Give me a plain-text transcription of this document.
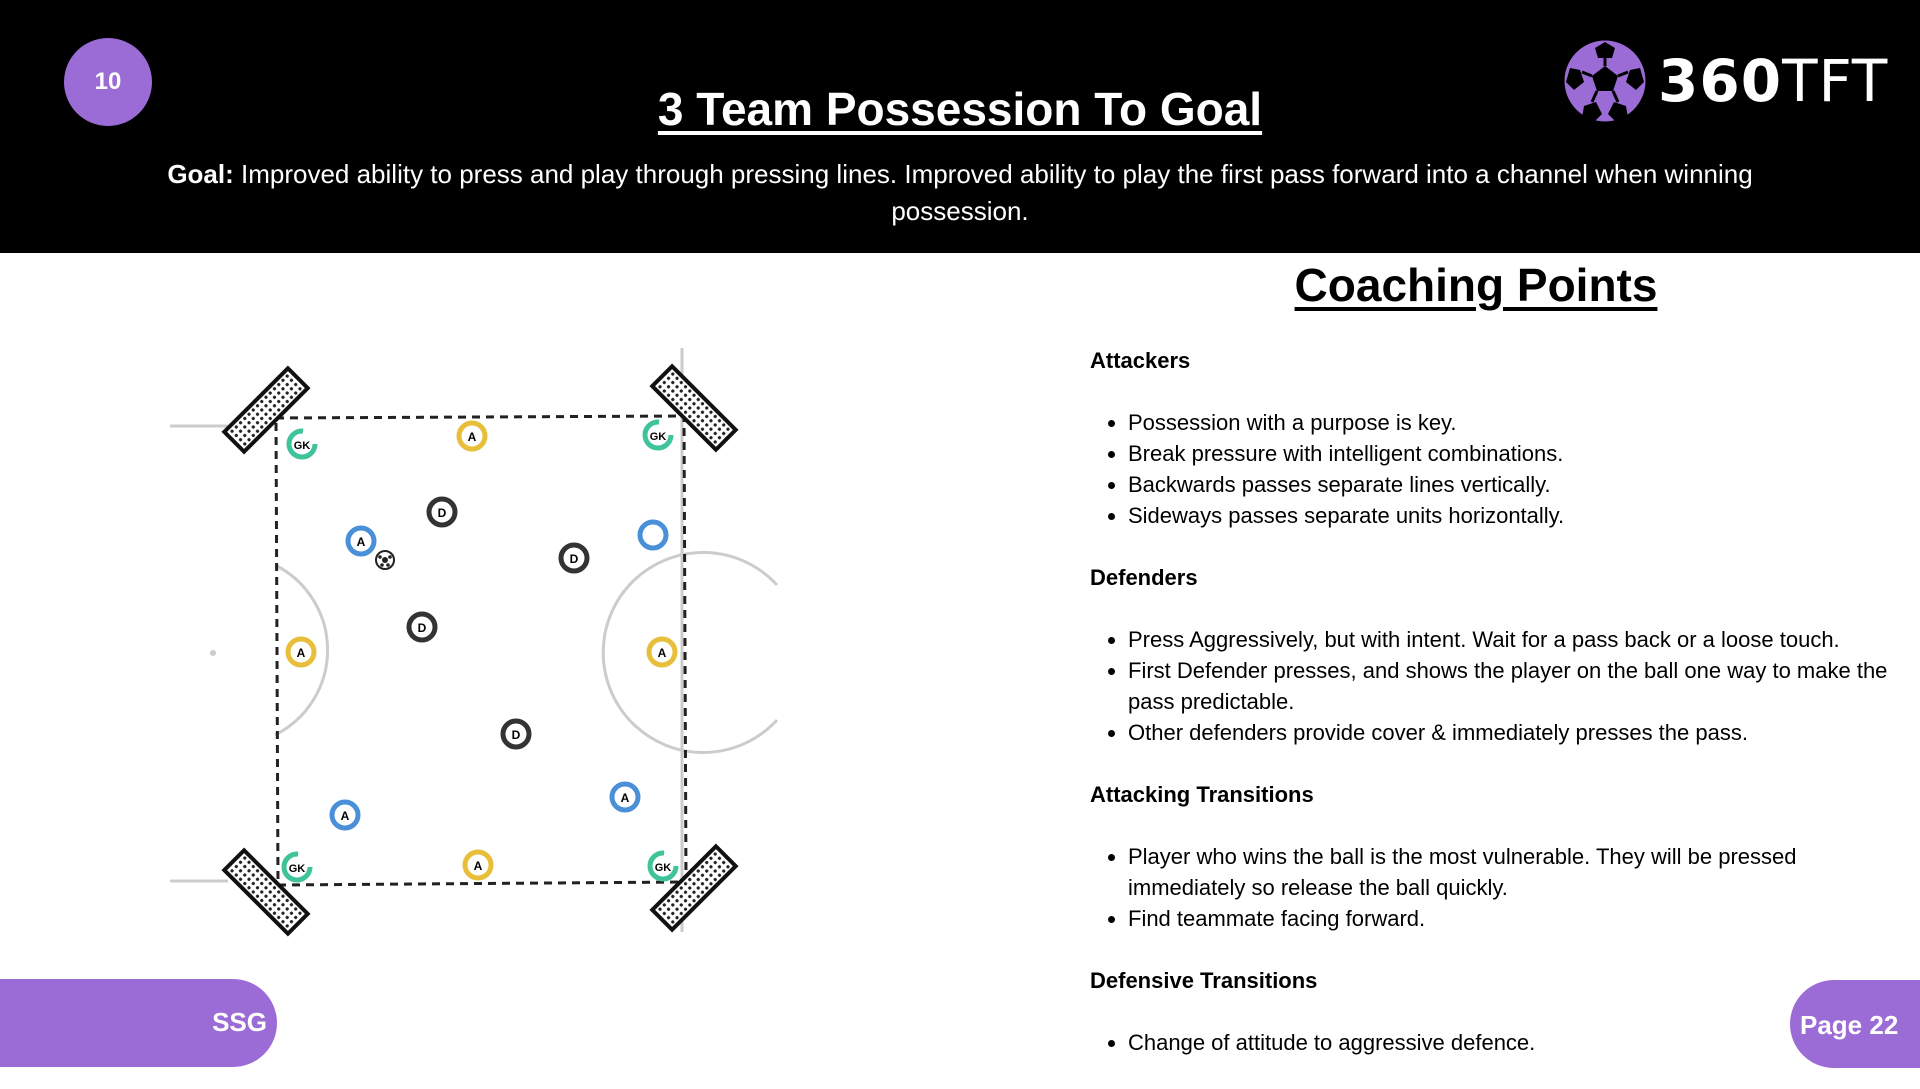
10
3 Team Possession To Goal
Goal: Improved ability to press and play through pressing lines. Improved ability to play the first pass forward into a channel when winning possession.
360TFT
GK
GK
GK	GK
A
A	A
A
A
A
A
D
D
D
D
Coaching Points
Attackers
• Possession with a purpose is key.
• Break pressure with intelligent combinations.
• Backwards passes separate lines vertically.
• Sideways passes separate units horizontally.
Defenders
• Press Aggressively, but with intent. Wait for a pass back or a loose touch.
• First Defender presses, and shows the player on the ball one way to make the pass predictable.
• Other defenders provide cover & immediately presses the pass.
Attacking Transitions
• Player who wins the ball is the most vulnerable. They will be pressed immediately so release the ball quickly.
• Find teammate facing forward.
Defensive Transitions
• Change of attitude to aggressive defence.
SSG	Page 22
